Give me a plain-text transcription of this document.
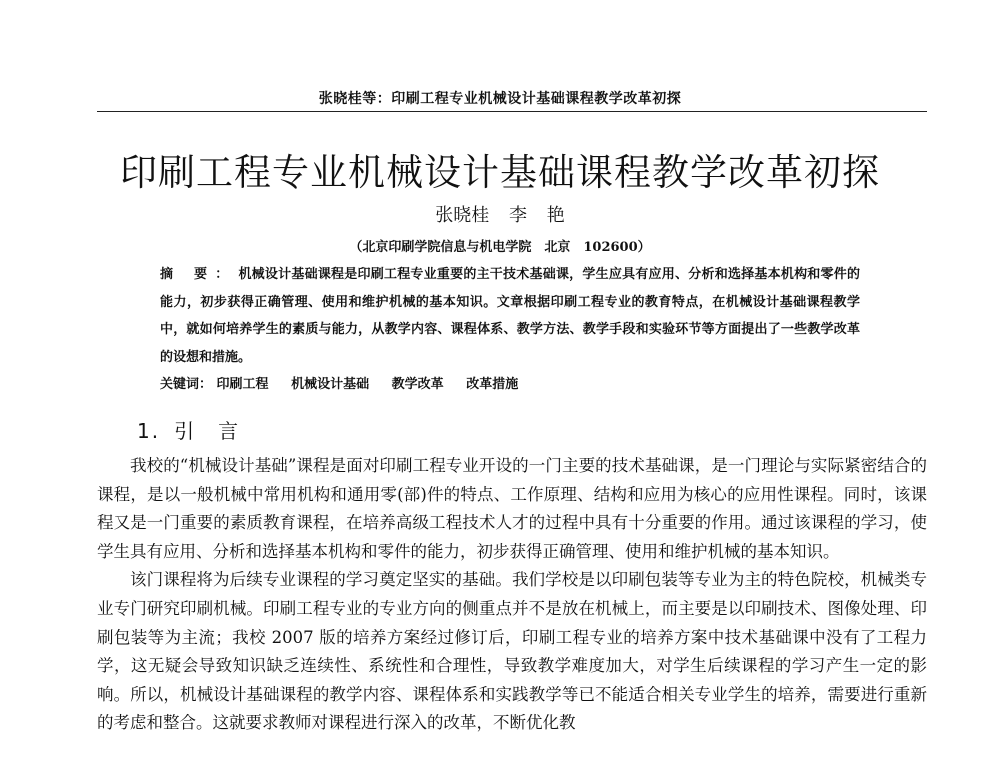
张晓桂等：印刷工程专业机械设计基础课程教学改革初探
印刷工程专业机械设计基础课程教学改革初探
张晓桂 李 艳
（北京印刷学院信息与机电学院　北京　102600）
摘 要： 机械设计基础课程是印刷工程专业重要的主干技术基础课，学生应具有应用、分析和选择基本机构和零件的能力，初步获得正确管理、使用和维护机械的基本知识。文章根据印刷工程专业的教育特点，在机械设计基础课程教学中，就如何培养学生的素质与能力，从教学内容、课程体系、教学方法、教学手段和实验环节等方面提出了一些教学改革的设想和措施。
关键词： 印刷工程 机械设计基础 教学改革 改革措施
1. 引　言

我校的“机械设计基础”课程是面对印刷工程专业开设的一门主要的技术基础课，是一门理论与实际紧密结合的课程，是以一般机械中常用机构和通用零(部)件的特点、工作原理、结构和应用为核心的应用性课程。同时，该课程又是一门重要的素质教育课程，在培养高级工程技术人才的过程中具有十分重要的作用。通过该课程的学习，使学生具有应用、分析和选择基本机构和零件的能力，初步获得正确管理、使用和维护机械的基本知识。

该门课程将为后续专业课程的学习奠定坚实的基础。我们学校是以印刷包装等专业为主的特色院校，机械类专业专门研究印刷机械。印刷工程专业的专业方向的侧重点并不是放在机械上，而主要是以印刷技术、图像处理、印刷包装等为主流；我校 2007 版的培养方案经过修订后，印刷工程专业的培养方案中技术基础课中没有了工程力学，这无疑会导致知识缺乏连续性、系统性和合理性，导致教学难度加大，对学生后续课程的学习产生一定的影响。所以，机械设计基础课程的教学内容、课程体系和实践教学等已不能适合相关专业学生的培养，需要进行重新的考虑和整合。这就要求教师对课程进行深入的改革，不断优化教
